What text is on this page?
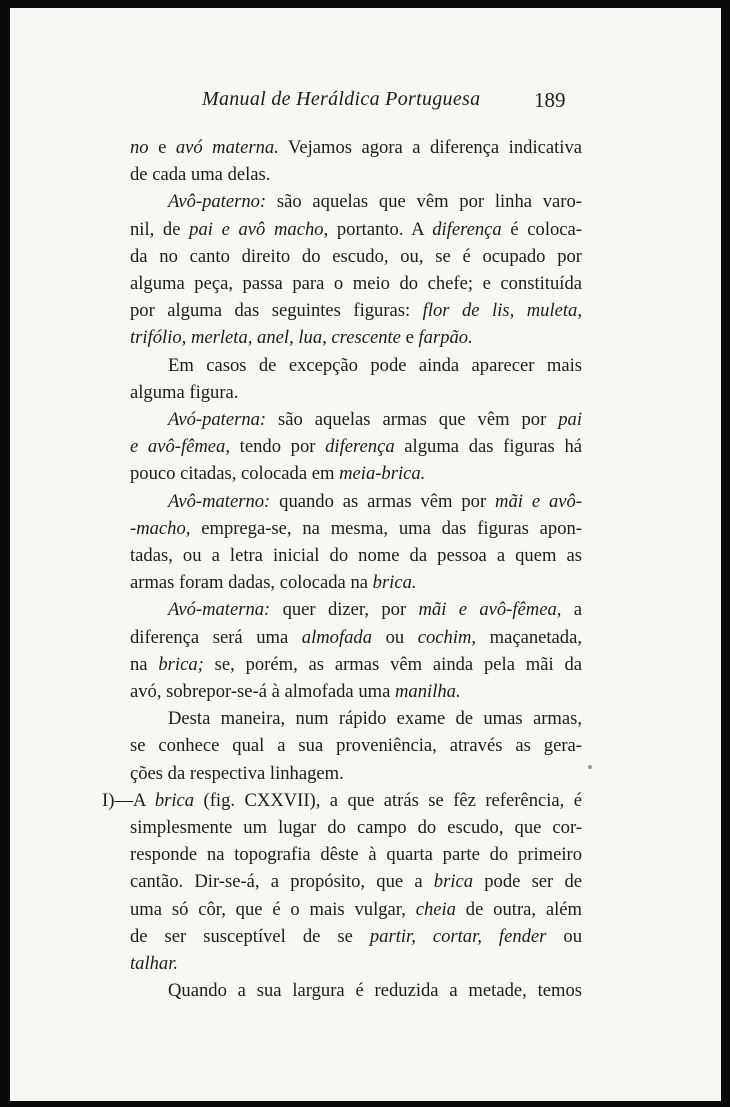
Manual de Heráldica Portuguesa	189
no e avó materna. Vejamos agora a diferença indicativa
de cada uma delas.
Avô-paterno: são aquelas que vêm por linha varo-
nil, de pai e avô macho, portanto. A diferença é coloca-
da no canto direito do escudo, ou, se é ocupado por
alguma peça, passa para o meio do chefe; e constituída
por alguma das seguintes figuras: flor de lis, muleta,
trifólio, merleta, anel, lua, crescente e farpão.
Em casos de excepção pode ainda aparecer mais
alguma figura.
Avó-paterna: são aquelas armas que vêm por pai
e avô-fêmea, tendo por diferença alguma das figuras há
pouco citadas, colocada em meia-brica.
Avô-materno: quando as armas vêm por mãi e avô-
-macho, emprega-se, na mesma, uma das figuras apon-
tadas, ou a letra inicial do nome da pessoa a quem as
armas foram dadas, colocada na brica.
Avó-materna: quer dizer, por mãi e avô-fêmea, a
diferença será uma almofada ou cochim, maçanetada,
na brica; se, porém, as armas vêm ainda pela mãi da
avó, sobrepor-se-á à almofada uma manilha.
Desta maneira, num rápido exame de umas armas,
se conhece qual a sua proveniência, através as gera-
ções da respectiva linhagem.
I)—A brica (fig. CXXVII), a que atrás se fêz referência, é
simplesmente um lugar do campo do escudo, que cor-
responde na topografia dêste à quarta parte do primeiro
cantão. Dir-se-á, a propósito, que a brica pode ser de
uma só côr, que é o mais vulgar, cheia de outra, além
de ser susceptível de se partir, cortar, fender ou
talhar.
Quando a sua largura é reduzida a metade, temos
